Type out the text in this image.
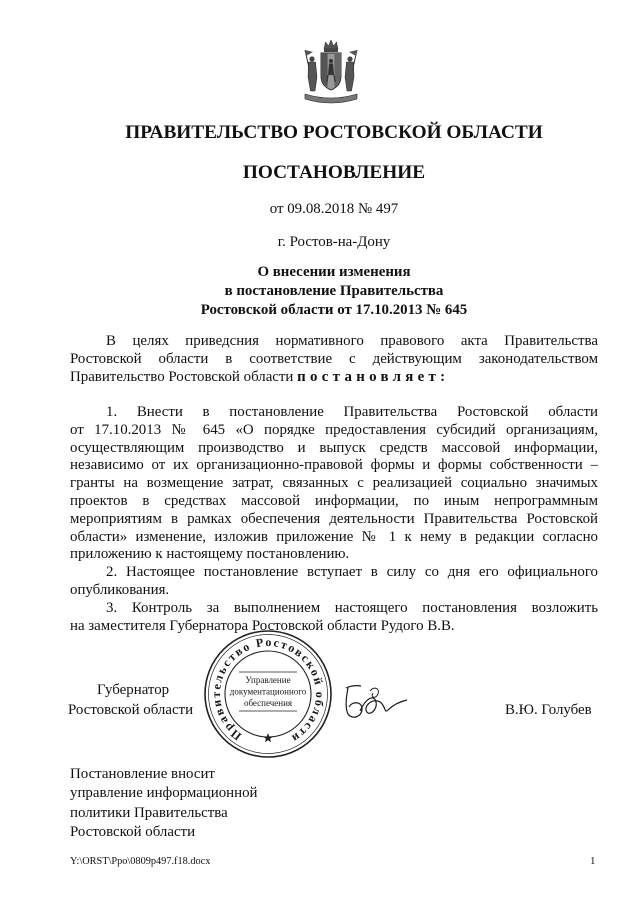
ПРАВИТЕЛЬСТВО РОСТОВСКОЙ ОБЛАСТИ
ПОСТАНОВЛЕНИЕ
от 09.08.2018 № 497
г. Ростов-на-Дону
О внесении изменения
в постановление Правительства
Ростовской области от 17.10.2013 № 645
В целях приведсния нормативного правового акта Правительства
Ростовской области в соответствие с действующим законодательством
Правительство Ростовской области постановляет:
1. Внести в постановление Правительства Ростовской области
от 17.10.2013 № 645 «О порядке предоставления субсидий организациям,
осуществляющим производство и выпуск средств массовой информации,
независимо от их организационно-правовой формы и формы собственности –
гранты на возмещение затрат, связанных с реализацией социально значимых
проектов в средствах массовой информации, по иным непрограммным
мероприятиям в рамках обеспечения деятельности Правительства Ростовской
области» изменение, изложив приложение № 1 к нему в редакции согласно
приложению к настоящему постановлению.
2. Настоящее постановление вступает в силу со дня его официального
опубликования.
3. Контроль за выполнением настоящего постановления возложить
на заместителя Губернатора Ростовской области Рудого В.В.
Губернатор
Ростовской области
Правительство Ростовской области
Управление
документационного
обеспечения	В.Ю. Голубев
Постановление вносит
управление информационной
политики Правительства
Ростовской области
Y:\ORST\Ppo\0809p497.f18.docx	1
